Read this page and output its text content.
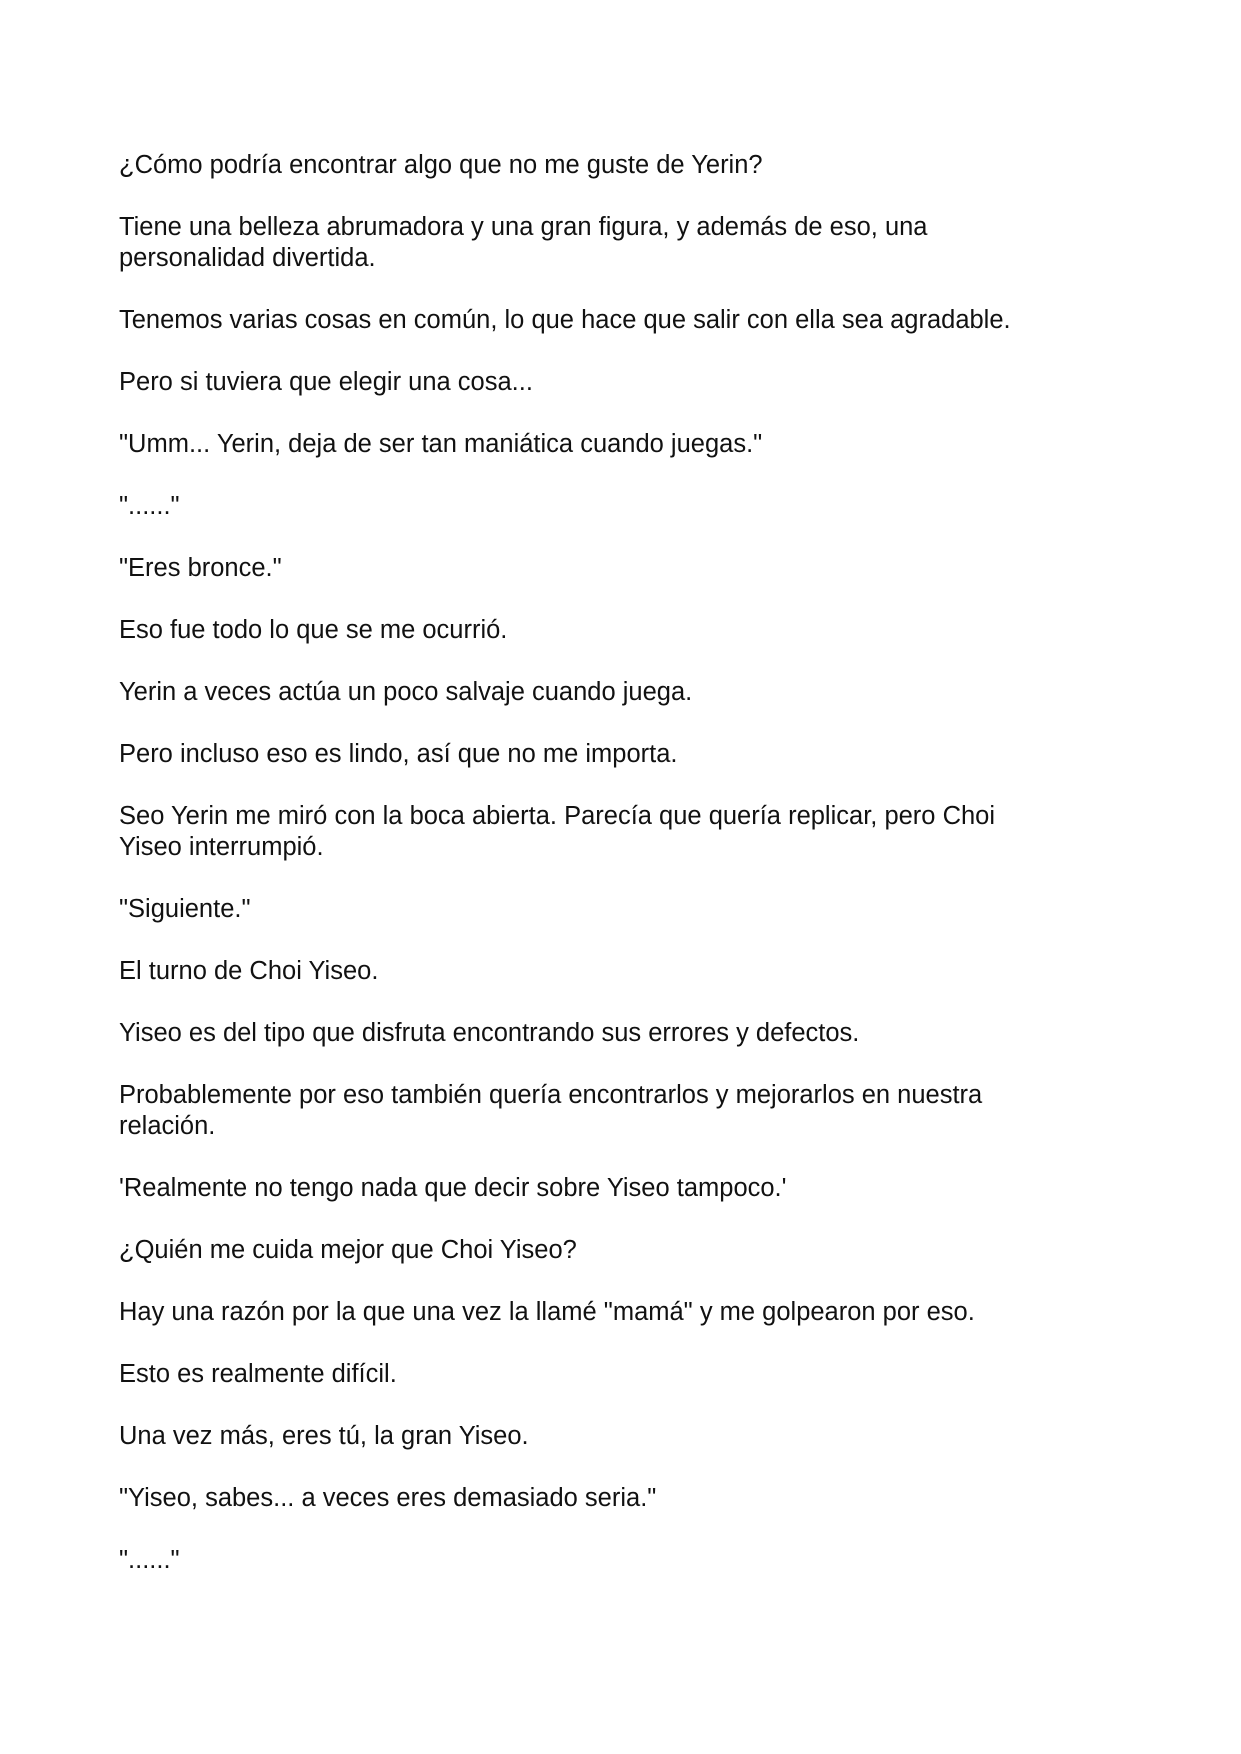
¿Cómo podría encontrar algo que no me guste de Yerin?

Tiene una belleza abrumadora y una gran figura, y además de eso, una
personalidad divertida.

Tenemos varias cosas en común, lo que hace que salir con ella sea agradable.

Pero si tuviera que elegir una cosa...

"Umm... Yerin, deja de ser tan maniática cuando juegas."

"......"

"Eres bronce."

Eso fue todo lo que se me ocurrió.

Yerin a veces actúa un poco salvaje cuando juega.

Pero incluso eso es lindo, así que no me importa.

Seo Yerin me miró con la boca abierta. Parecía que quería replicar, pero Choi
Yiseo interrumpió.

"Siguiente."

El turno de Choi Yiseo.

Yiseo es del tipo que disfruta encontrando sus errores y defectos.

Probablemente por eso también quería encontrarlos y mejorarlos en nuestra
relación.

'Realmente no tengo nada que decir sobre Yiseo tampoco.'

¿Quién me cuida mejor que Choi Yiseo?

Hay una razón por la que una vez la llamé "mamá" y me golpearon por eso.

Esto es realmente difícil.

Una vez más, eres tú, la gran Yiseo.

"Yiseo, sabes... a veces eres demasiado seria."

"......"
